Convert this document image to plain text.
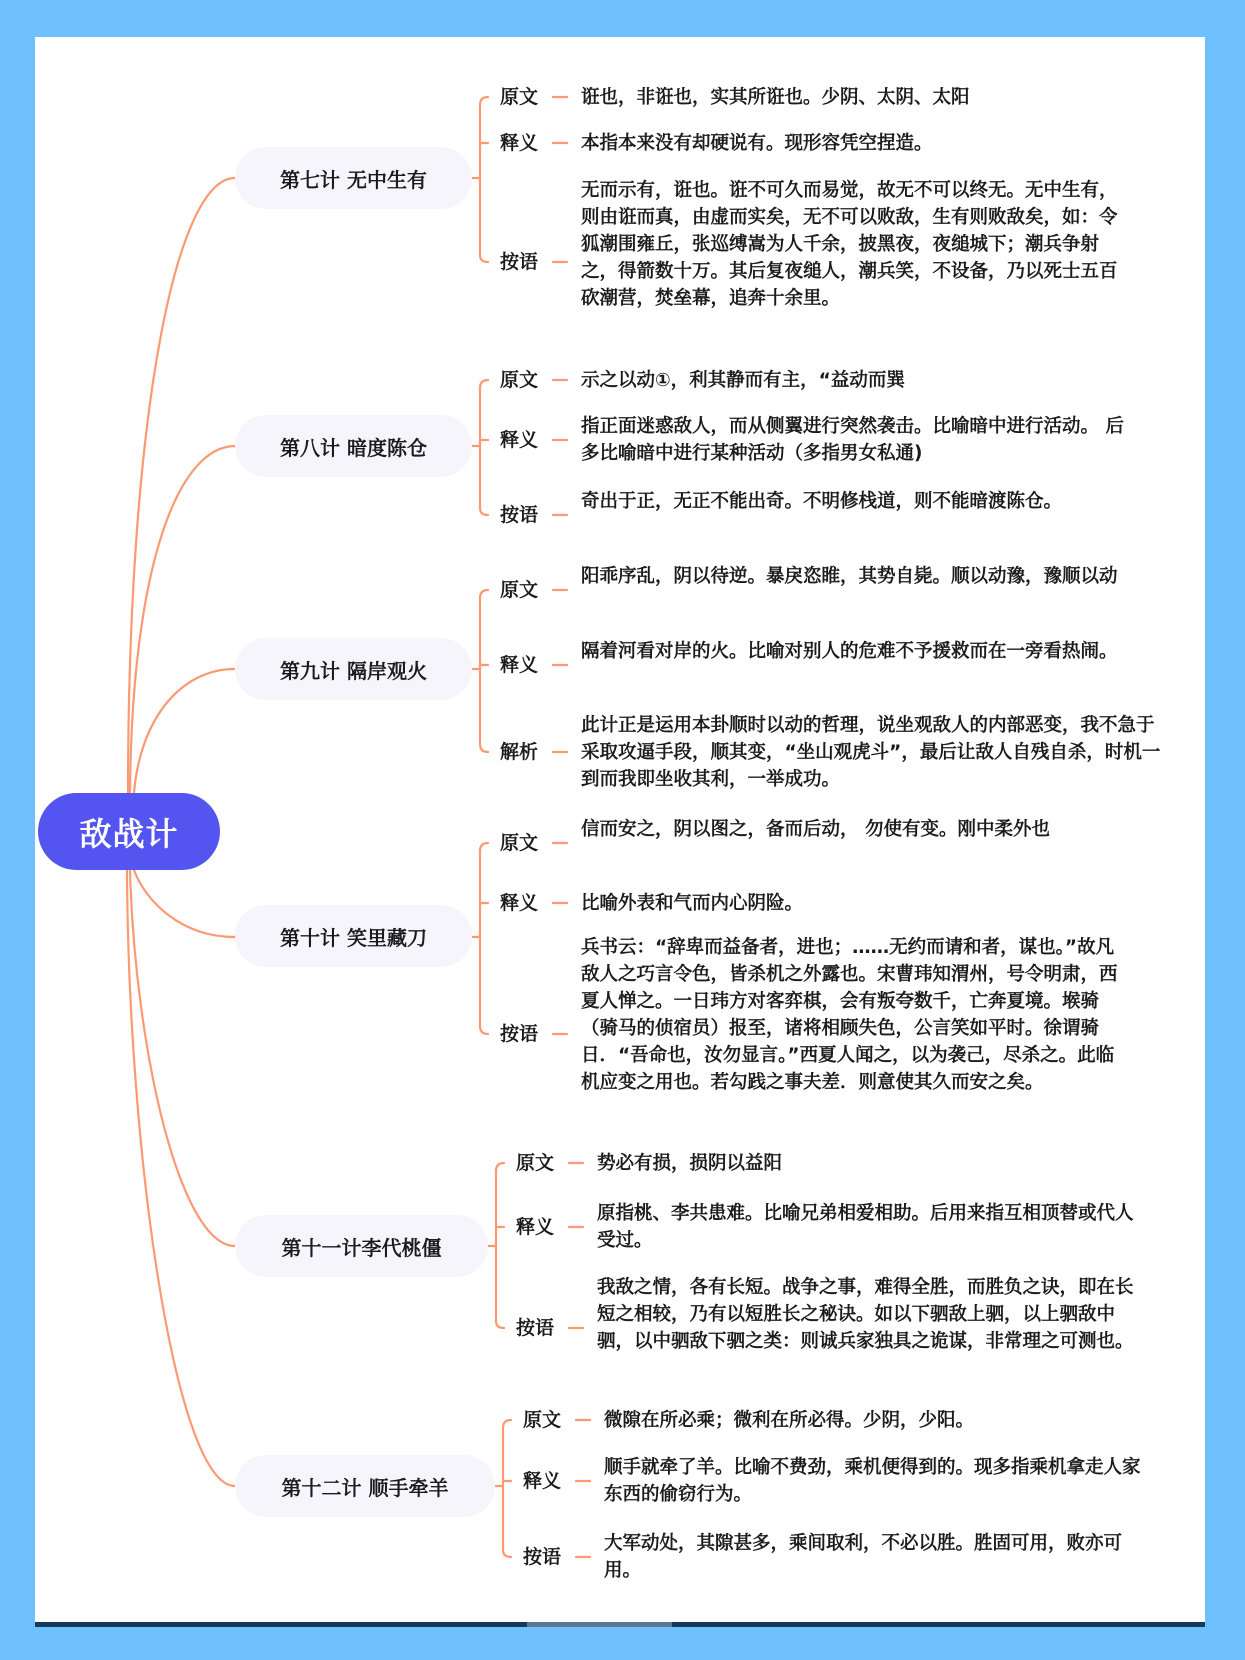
敌战计
第七计 无中生有
原文 诳也，非诳也，实其所诳也。少阴、太阴、太阳
释义 本指本来没有却硬说有。现形容凭空捏造。
按语
无而示有，诳也。诳不可久而易觉，故无不可以终无。无中生有，则由诳而真，由虚而实矣，无不可以败敌，生有则败敌矣，如：令狐潮围雍丘，张巡缚嵩为人千余，披黑夜，夜缒城下；潮兵争射之，得箭数十万。其后复夜缒人，潮兵笑，不设备，乃以死士五百砍潮营，焚垒幕，追奔十余里。
第八计 暗度陈仓
原文 示之以动①，利其静而有主，“益动而巽
释义
指正面迷惑敌人，而从侧翼进行突然袭击。比喻暗中进行活动。 后多比喻暗中进行某种活动（多指男女私通)
按语
奇出于正，无正不能出奇。不明修栈道，则不能暗渡陈仓。
第九计 隔岸观火
原文
阳乖序乱，阴以待逆。暴戾恣睢，其势自毙。顺以动豫，豫顺以动
释义
隔着河看对岸的火。比喻对别人的危难不予援救而在一旁看热闹。
解析
此计正是运用本卦顺时以动的哲理，说坐观敌人的内部恶变，我不急于采取攻逼手段，顺其变，“坐山观虎斗”，最后让敌人自残自杀，时机一到而我即坐收其利，一举成功。
第十计 笑里藏刀
原文
信而安之，阴以图之，备而后动， 勿使有变。刚中柔外也
释义 比喻外表和气而内心阴险。
按语
兵书云：“辞卑而益备者，进也；……无约而请和者，谋也。”故凡敌人之巧言令色，皆杀机之外露也。宋曹玮知渭州，号令明肃，西夏人惮之。一日玮方对客弈棋，会有叛夸数千，亡奔夏境。堠骑（骑马的侦宿员）报至，诸将相顾失色，公言笑如平时。徐谓骑日．“吾命也，汝勿显言。”西夏人闻之，以为袭己，尽杀之。此临机应变之用也。若勾践之事夫差．则意使其久而安之矣。
第十一计李代桃僵
原文 势必有损，损阴以益阳
释义
原指桃、李共患难。比喻兄弟相爱相助。后用来指互相顶替或代人受过。
按语
我敌之情，各有长短。战争之事，难得全胜，而胜负之诀，即在长短之相较，乃有以短胜长之秘诀。如以下驷敌上驷，以上驷敌中驷，以中驷敌下驷之类：则诚兵家独具之诡谋，非常理之可测也。
第十二计 顺手牵羊
原文 微隙在所必乘；微利在所必得。少阴，少阳。
释义
顺手就牵了羊。比喻不费劲，乘机便得到的。现多指乘机拿走人家东西的偷窃行为。
按语
大军动处，其隙甚多，乘间取利，不必以胜。胜固可用，败亦可用。
